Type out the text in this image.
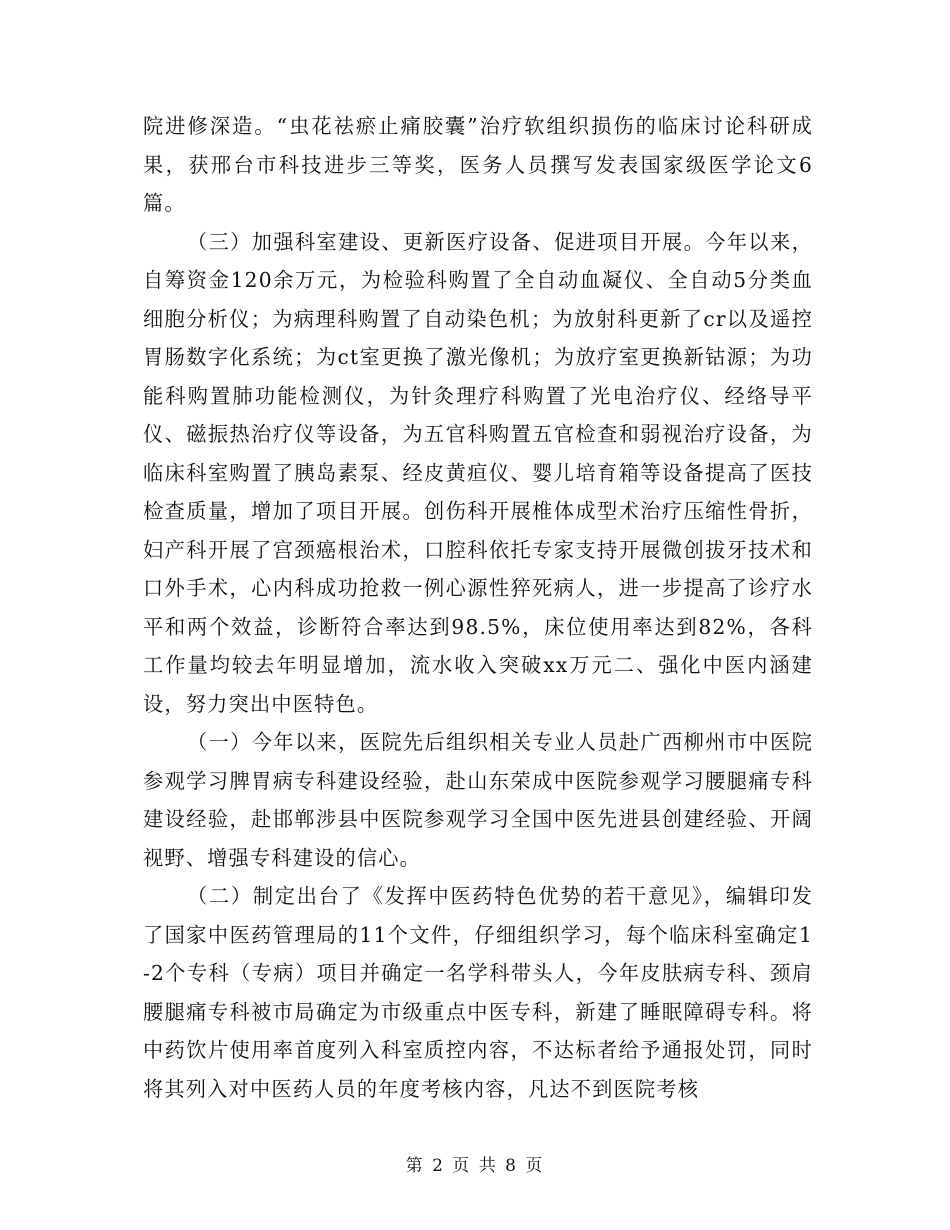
院进修深造。“虫花祛瘀止痛胶囊”治疗软组织损伤的临床讨论科研成果，获邢台市科技进步三等奖，医务人员撰写发表国家级医学论文6篇。

（三）加强科室建设、更新医疗设备、促进项目开展。今年以来，自筹资金120余万元，为检验科购置了全自动血凝仪、全自动5分类血细胞分析仪；为病理科购置了自动染色机；为放射科更新了cr以及遥控胃肠数字化系统；为ct室更换了激光像机；为放疗室更换新钴源；为功能科购置肺功能检测仪，为针灸理疗科购置了光电治疗仪、经络导平仪、磁振热治疗仪等设备，为五官科购置五官检查和弱视治疗设备，为临床科室购置了胰岛素泵、经皮黄疸仪、婴儿培育箱等设备提高了医技检查质量，增加了项目开展。创伤科开展椎体成型术治疗压缩性骨折，妇产科开展了宫颈癌根治术，口腔科依托专家支持开展微创拔牙技术和口外手术，心内科成功抢救一例心源性猝死病人，进一步提高了诊疗水平和两个效益，诊断符合率达到98.5%，床位使用率达到82%，各科工作量均较去年明显增加，流水收入突破xx万元二、强化中医内涵建设，努力突出中医特色。

（一）今年以来，医院先后组织相关专业人员赴广西柳州市中医院参观学习脾胃病专科建设经验，赴山东荣成中医院参观学习腰腿痛专科建设经验，赴邯郸涉县中医院参观学习全国中医先进县创建经验、开阔视野、增强专科建设的信心。

（二）制定出台了《发挥中医药特色优势的若干意见》，编辑印发了国家中医药管理局的11个文件，仔细组织学习，每个临床科室确定1-2个专科（专病）项目并确定一名学科带头人，今年皮肤病专科、颈肩腰腿痛专科被市局确定为市级重点中医专科，新建了睡眠障碍专科。将中药饮片使用率首度列入科室质控内容，不达标者给予通报处罚，同时将其列入对中医药人员的年度考核内容，凡达不到医院考核

第 2 页 共 8 页
